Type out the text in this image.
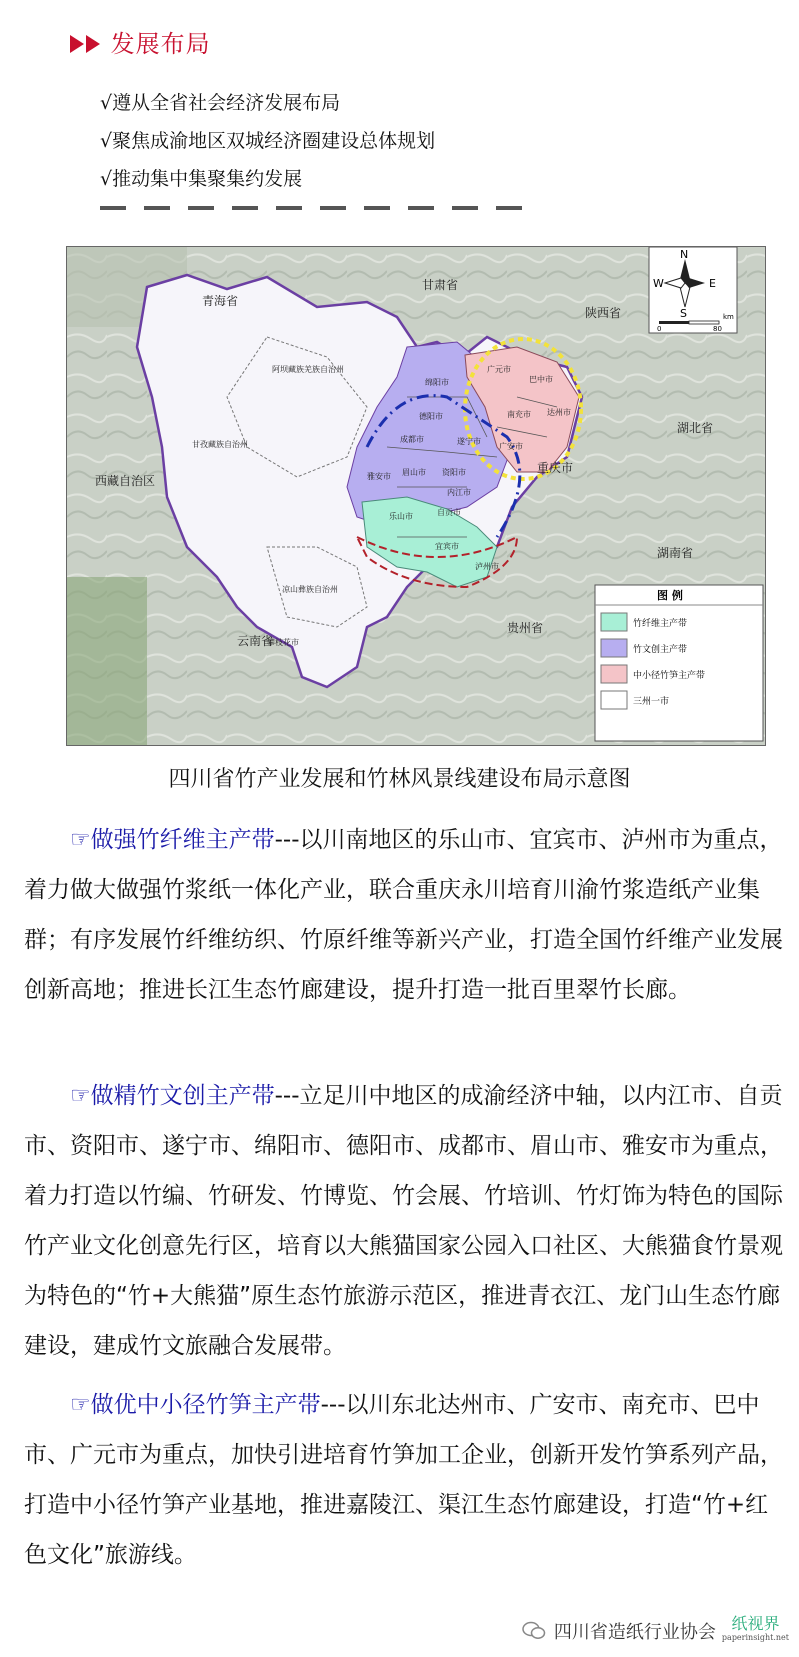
发展布局
√遵从全省社会经济发展布局
√聚焦成渝地区双城经济圈建设总体规划
√推动集中集聚集约发展
青海省
甘肃省
陕西省
湖北省
重庆市
湖南省
贵州省
云南省
西藏自治区
阿坝藏族羌族自治州
甘孜藏族自治州
凉山彝族自治州
攀枝花市
绵阳市
德阳市
成都市	遂宁市
雅安市 眉山市 资阳市
内江市
自贡市
乐山市
宜宾市
泸州市
广元市
巴中市
南充市 达州市
广安市
N
S
W	E
0	80
km
图 例
竹纤维主产带
竹文创主产带
中小径竹笋主产带
三州一市
四川省竹产业发展和竹林风景线建设布局示意图
☞做强竹纤维主产带---以川南地区的乐山市、宜宾市、泸州市为重点，着力做大做强竹浆纸一体化产业，联合重庆永川培育川渝竹浆造纸产业集群；有序发展竹纤维纺织、竹原纤维等新兴产业，打造全国竹纤维产业发展创新高地；推进长江生态竹廊建设，提升打造一批百里翠竹长廊。
☞做精竹文创主产带---立足川中地区的成渝经济中轴，以内江市、自贡市、资阳市、遂宁市、绵阳市、德阳市、成都市、眉山市、雅安市为重点，着力打造以竹编、竹研发、竹博览、竹会展、竹培训、竹灯饰为特色的国际竹产业文化创意先行区，培育以大熊猫国家公园入口社区、大熊猫食竹景观为特色的“竹+大熊猫”原生态竹旅游示范区，推进青衣江、龙门山生态竹廊建设，建成竹文旅融合发展带。
☞做优中小径竹笋主产带---以川东北达州市、广安市、南充市、巴中市、广元市为重点，加快引进培育竹笋加工企业，创新开发竹笋系列产品，打造中小径竹笋产业基地，推进嘉陵江、渠江生态竹廊建设，打造“竹+红色文化”旅游线。
四川省造纸行业协会 纸视界
paperinsight.net
